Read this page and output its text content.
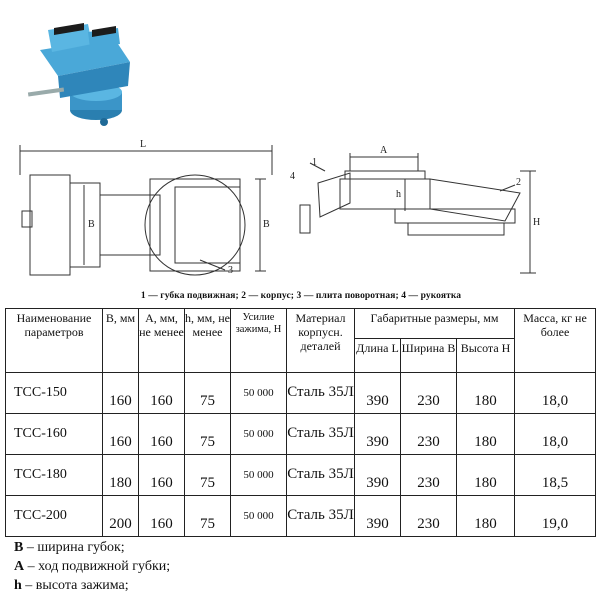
L
B	B
3
A
h
H
1
2
4
1 — губка подвижная; 2 — корпус; 3 — плита поворотная; 4 — рукоятка
Наименование параметров	B, мм	A, мм, не менее	h, мм, не менее	Усилие зажима, Н	Материал корпусн. деталей	Габаритные размеры, мм			Масса, кг не более
						Длина L	Ширина B	Высота H	
ТСС-150	160	160	75	50 000	Сталь 35Л	390	230	180	18,0
ТСС-160	160	160	75	50 000	Сталь 35Л	390	230	180	18,0
ТСС-180	180	160	75	50 000	Сталь 35Л	390	230	180	18,5
ТСС-200	200	160	75	50 000	Сталь 35Л	390	230	180	19,0
B – ширина губок;
A – ход подвижной губки;
h – высота зажима;
